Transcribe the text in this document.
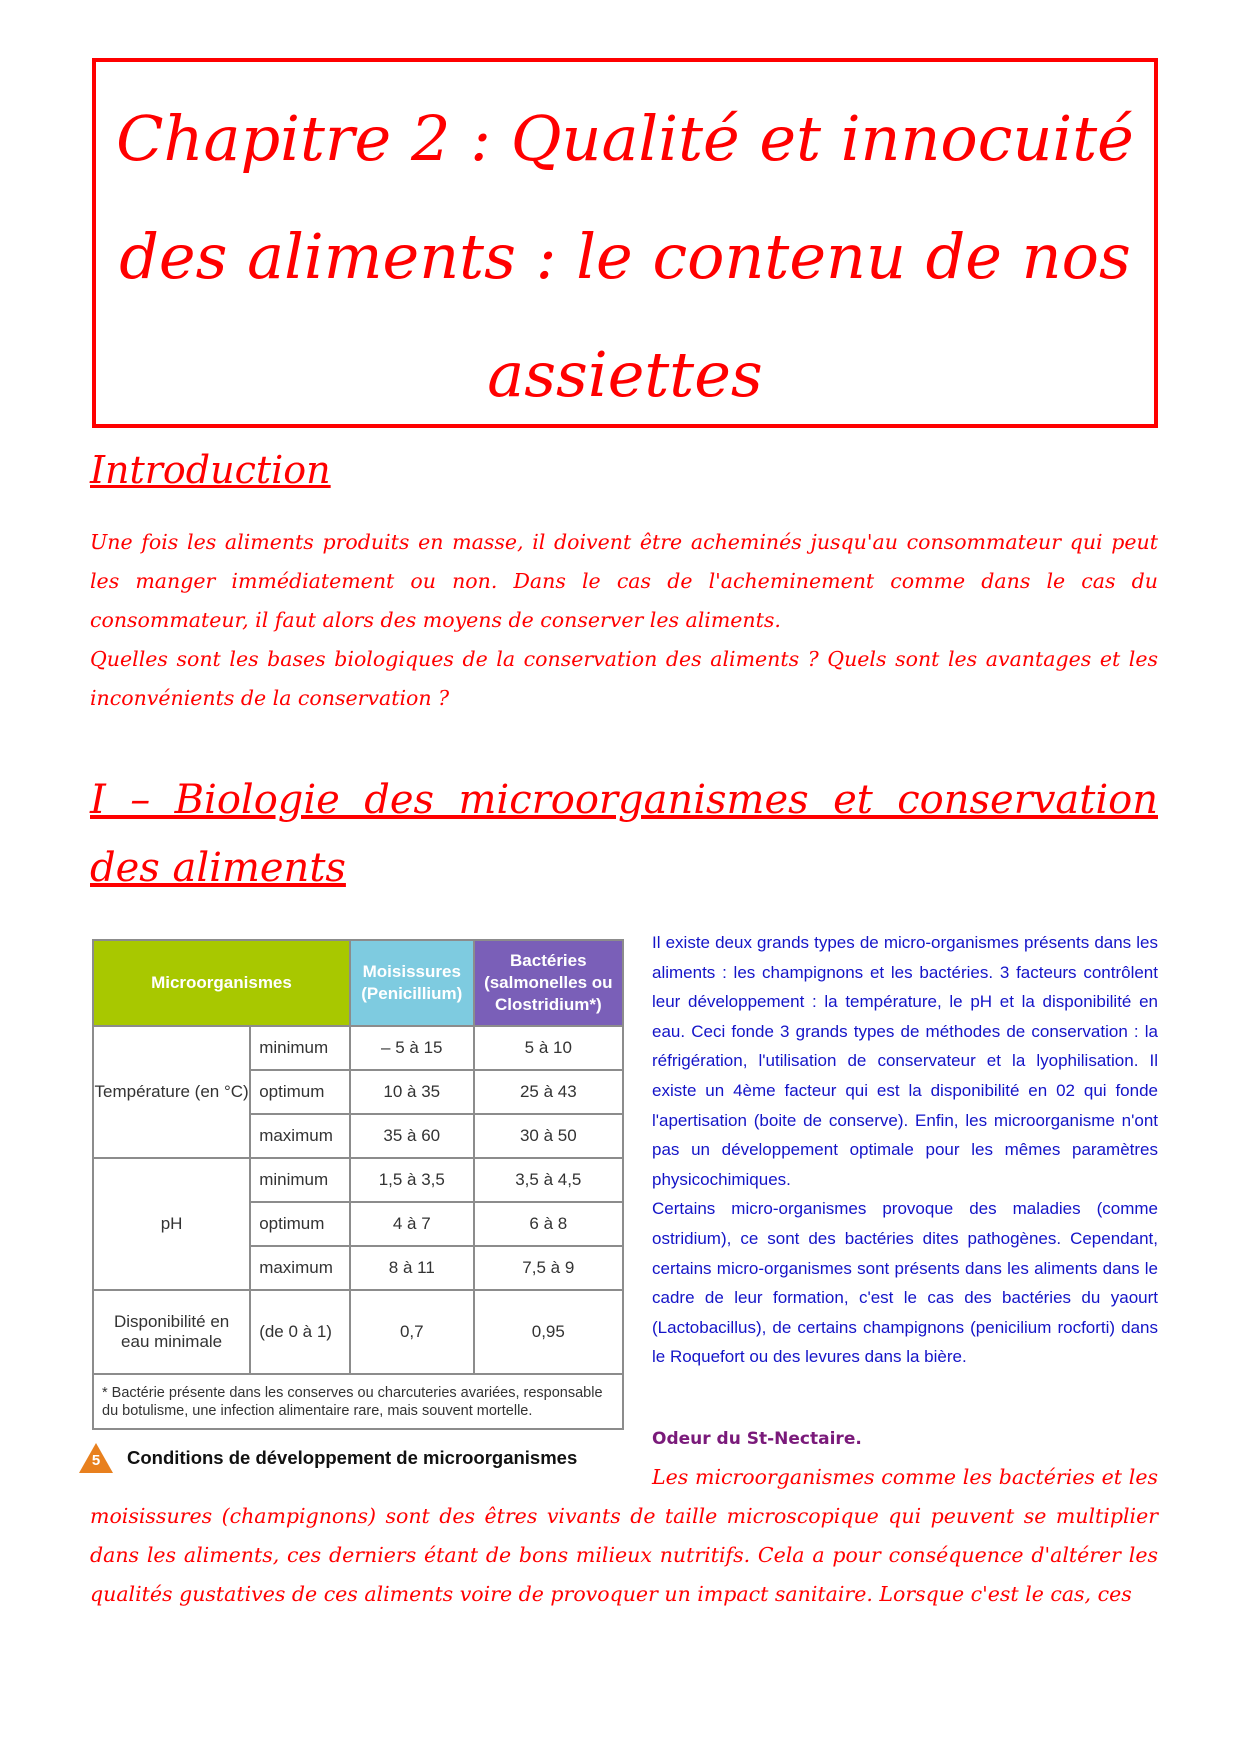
Chapitre 2 : Qualité et innocuité
des aliments : le contenu de nos
assiettes
Introduction

Une fois les aliments produits en masse, il doivent être acheminés jusqu'au consommateur qui peut les manger immédiatement ou non. Dans le cas de l'acheminement comme dans le cas du consommateur, il faut alors des moyens de conserver les aliments.

Quelles sont les bases biologiques de la conservation des aliments ? Quels sont les avantages et les inconvénients de la conservation ?

I – Biologie des microorganismes et conservation des aliments
Microorganismes		Moisissures (Penicillium)	Bactéries (salmonelles ou Clostridium*)
Température (en °C)	minimum	– 5 à 15	5 à 10
	optimum	10 à 35	25 à 43
	maximum	35 à 60	30 à 50
pH	minimum	1,5 à 3,5	3,5 à 4,5
	optimum	4 à 7	6 à 8
	maximum	8 à 11	7,5 à 9
Disponibilité en eau minimale	(de 0 à 1)	0,7	0,95
* Bactérie présente dans les conserves ou charcuteries avariées, responsable du botulisme, une infection alimentaire rare, mais souvent mortelle.			
5	Conditions de développement de microorganismes

Il existe deux grands types de micro-organismes présents dans les aliments : les champignons et les bactéries. 3 facteurs contrôlent leur développement : la température, le pH et la disponibilité en eau. Ceci fonde 3 grands types de méthodes de conservation : la réfrigération, l'utilisation de conservateur et la lyophilisation. Il existe un 4ème facteur qui est la disponibilité en 02 qui fonde l'apertisation (boite de conserve). Enfin, les microorganisme n'ont pas un développement optimale pour les mêmes paramètres physicochimiques.

Certains micro-organismes provoque des maladies (comme ostridium), ce sont des bactéries dites pathogènes. Cependant, certains micro-organismes sont présents dans les aliments dans le cadre de leur formation, c'est le cas des bactéries du yaourt (Lactobacillus), de certains champignons (penicilium rocforti) dans le Roquefort ou des levures dans la bière.

Odeur du St-Nectaire.
Les microorganismes comme les bactéries et les moisissures (champignons) sont des êtres vivants de taille microscopique qui peuvent se multiplier dans les aliments, ces derniers étant de bons milieux nutritifs. Cela a pour conséquence d'altérer les qualités gustatives de ces aliments voire de provoquer un impact sanitaire. Lorsque c'est le cas, ces
